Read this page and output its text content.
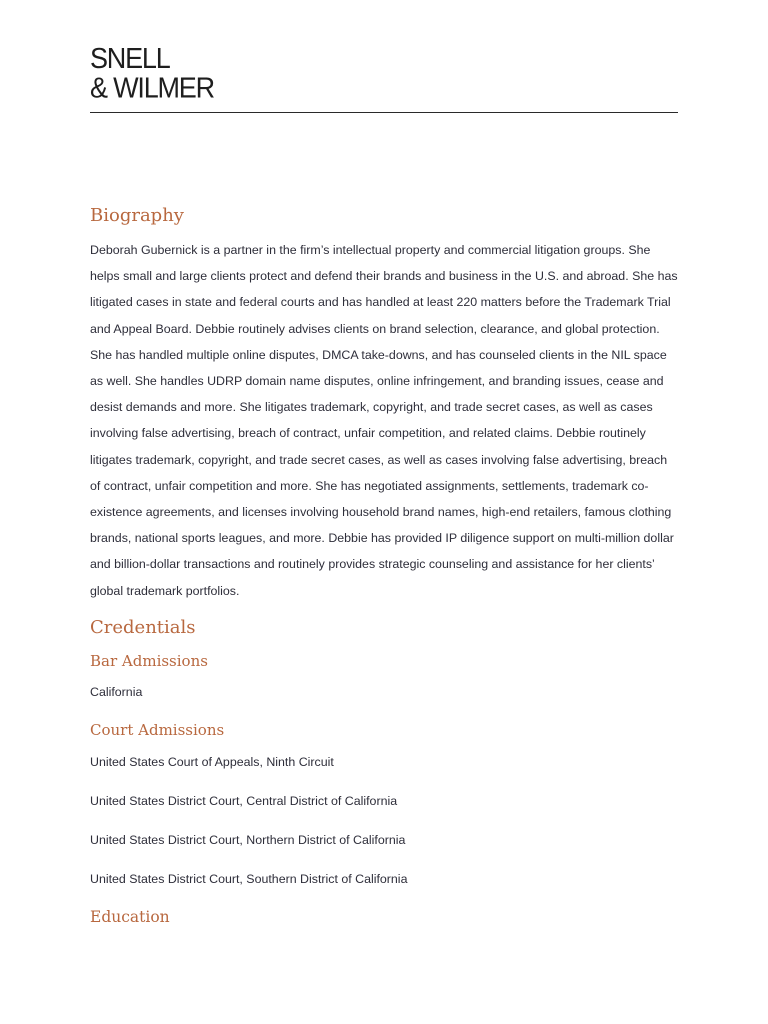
SNELL
& WILMER
Biography

Deborah Gubernick is a partner in the firm’s intellectual property and commercial litigation groups. She helps small and large clients protect and defend their brands and business in the U.S. and abroad. She has litigated cases in state and federal courts and has handled at least 220 matters before the Trademark Trial and Appeal Board. Debbie routinely advises clients on brand selection, clearance, and global protection. She has handled multiple online disputes, DMCA take-downs, and has counseled clients in the NIL space as well. She handles UDRP domain name disputes, online infringement, and branding issues, cease and desist demands and more. She litigates trademark, copyright, and trade secret cases, as well as cases involving false advertising, breach of contract, unfair competition, and related claims. Debbie routinely litigates trademark, copyright, and trade secret cases, as well as cases involving false advertising, breach of contract, unfair competition and more. She has negotiated assignments, settlements, trademark co-existence agreements, and licenses involving household brand names, high-end retailers, famous clothing brands, national sports leagues, and more. Debbie has provided IP diligence support on multi-million dollar and billion-dollar transactions and routinely provides strategic counseling and assistance for her clients’ global trademark portfolios.

Credentials
Bar Admissions

California

Court Admissions

United States Court of Appeals, Ninth Circuit

United States District Court, Central District of California

United States District Court, Northern District of California

United States District Court, Southern District of California

Education
